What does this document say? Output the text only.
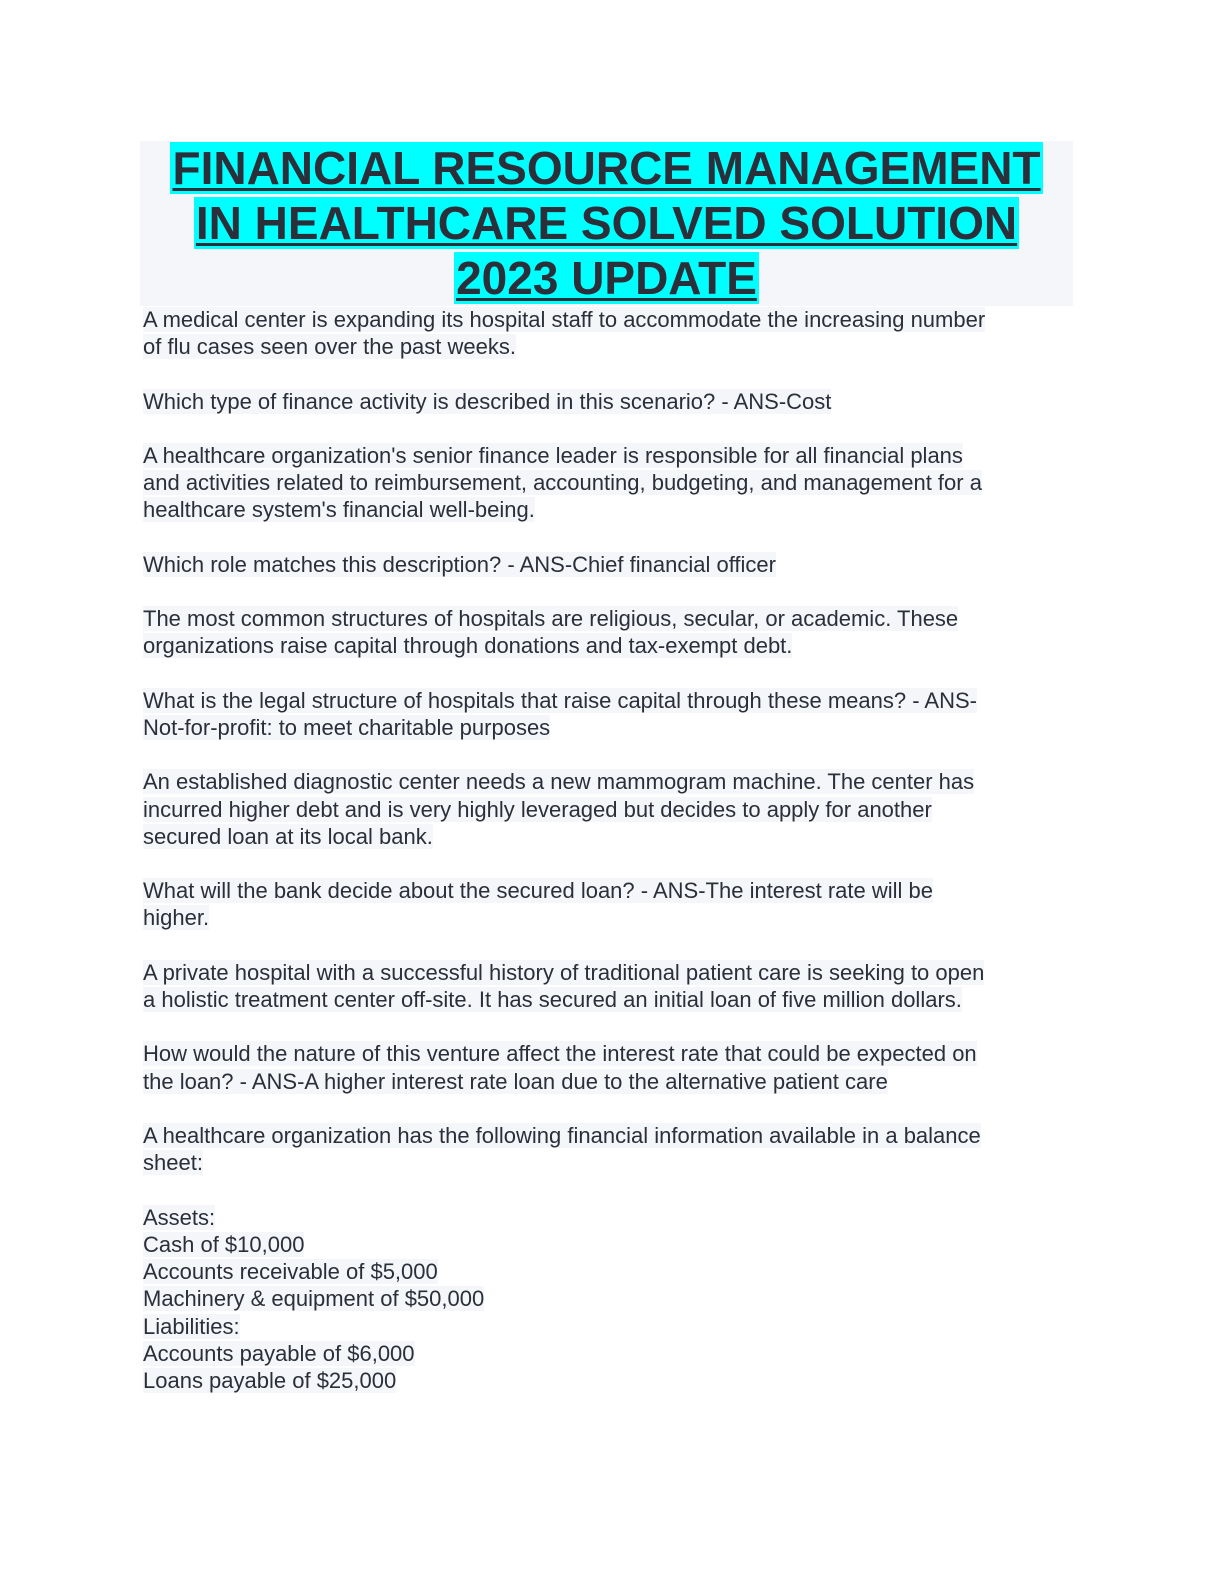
FINANCIAL RESOURCE MANAGEMENT
IN HEALTHCARE SOLVED SOLUTION
2023 UPDATE
A medical center is expanding its hospital staff to accommodate the increasing number
of flu cases seen over the past weeks.
Which type of finance activity is described in this scenario? - ANS-Cost
A healthcare organization's senior finance leader is responsible for all financial plans
and activities related to reimbursement, accounting, budgeting, and management for a
healthcare system's financial well-being.
Which role matches this description? - ANS-Chief financial officer
The most common structures of hospitals are religious, secular, or academic. These
organizations raise capital through donations and tax-exempt debt.
What is the legal structure of hospitals that raise capital through these means? - ANS-
Not-for-profit: to meet charitable purposes
An established diagnostic center needs a new mammogram machine. The center has
incurred higher debt and is very highly leveraged but decides to apply for another
secured loan at its local bank.
What will the bank decide about the secured loan? - ANS-The interest rate will be
higher.
A private hospital with a successful history of traditional patient care is seeking to open
a holistic treatment center off-site. It has secured an initial loan of five million dollars.
How would the nature of this venture affect the interest rate that could be expected on
the loan? - ANS-A higher interest rate loan due to the alternative patient care
A healthcare organization has the following financial information available in a balance
sheet:
Assets:
Cash of $10,000
Accounts receivable of $5,000
Machinery & equipment of $50,000
Liabilities:
Accounts payable of $6,000
Loans payable of $25,000
